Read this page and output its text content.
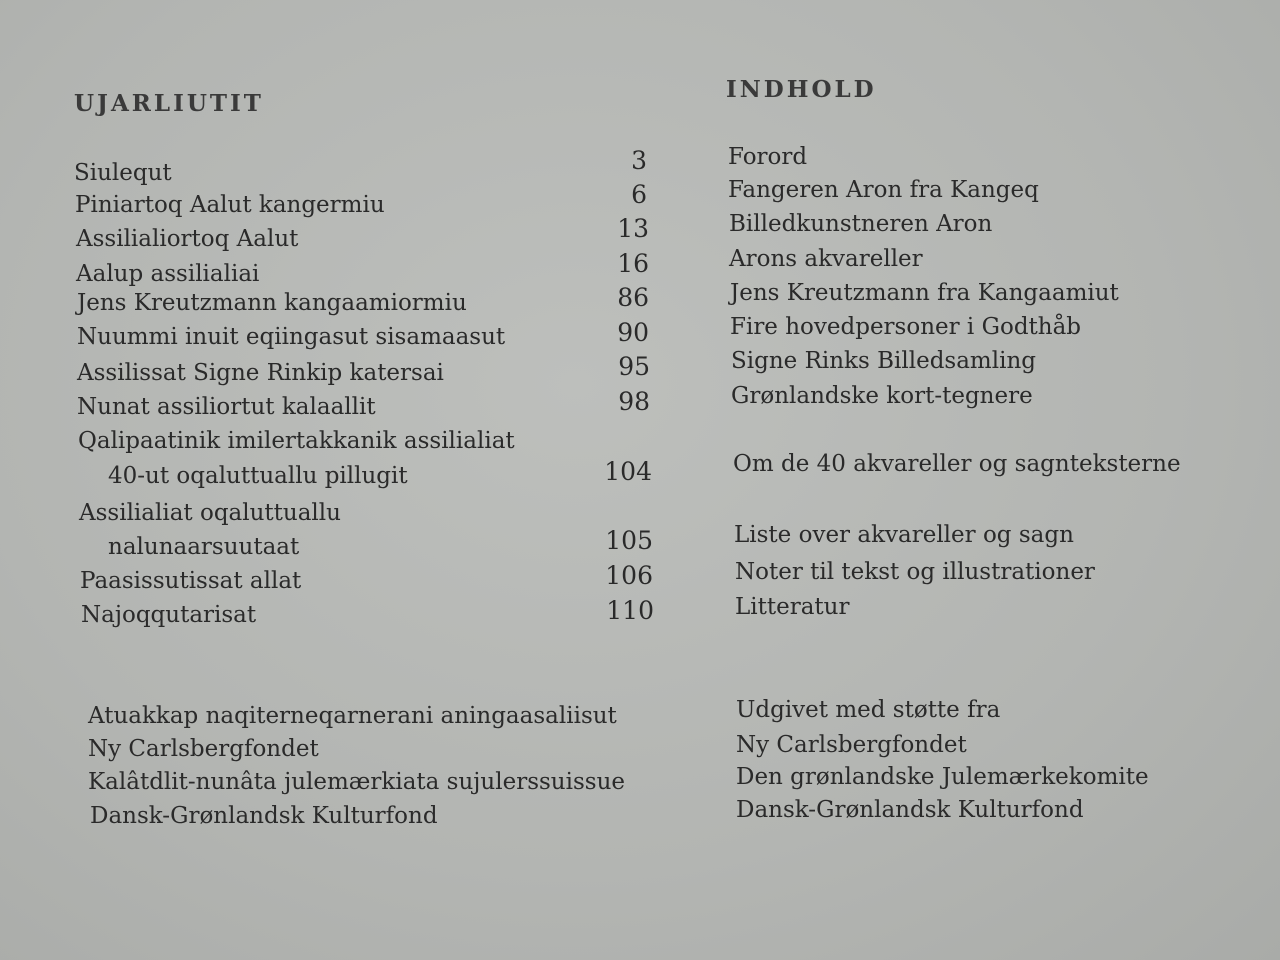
UJARLIUTIT
INDHOLD
Siulequt
Piniartoq Aalut kangermiu
Assilialiortoq Aalut
Aalup assilialiai
Jens Kreutzmann kangaamiormiu
Nuummi inuit eqiingasut sisamaasut
Assilissat Signe Rinkip katersai
Nunat assiliortut kalaallit
Qalipaatinik imilertakkanik assilialiat
40-ut oqaluttuallu pillugit
Assilialiat oqaluttuallu
nalunaarsuutaat
Paasissutissat allat
Najoqqutarisat
3
6
13
16
86
90
95
98
104
105
106
110
Forord
Fangeren Aron fra Kangeq
Billedkunstneren Aron
Arons akvareller
Jens Kreutzmann fra Kangaamiut
Fire hovedpersoner i Godthåb
Signe Rinks Billedsamling
Grønlandske kort-tegnere
Om de 40 akvareller og sagnteksterne
Liste over akvareller og sagn
Noter til tekst og illustrationer
Litteratur
Atuakkap naqiterneqarnerani aningaasaliisut
Ny Carlsbergfondet
Kalâtdlit-nunâta julemærkiata sujulerssuissue
Dansk-Grønlandsk Kulturfond
Udgivet med støtte fra
Ny Carlsbergfondet
Den grønlandske Julemærkekomite
Dansk-Grønlandsk Kulturfond
